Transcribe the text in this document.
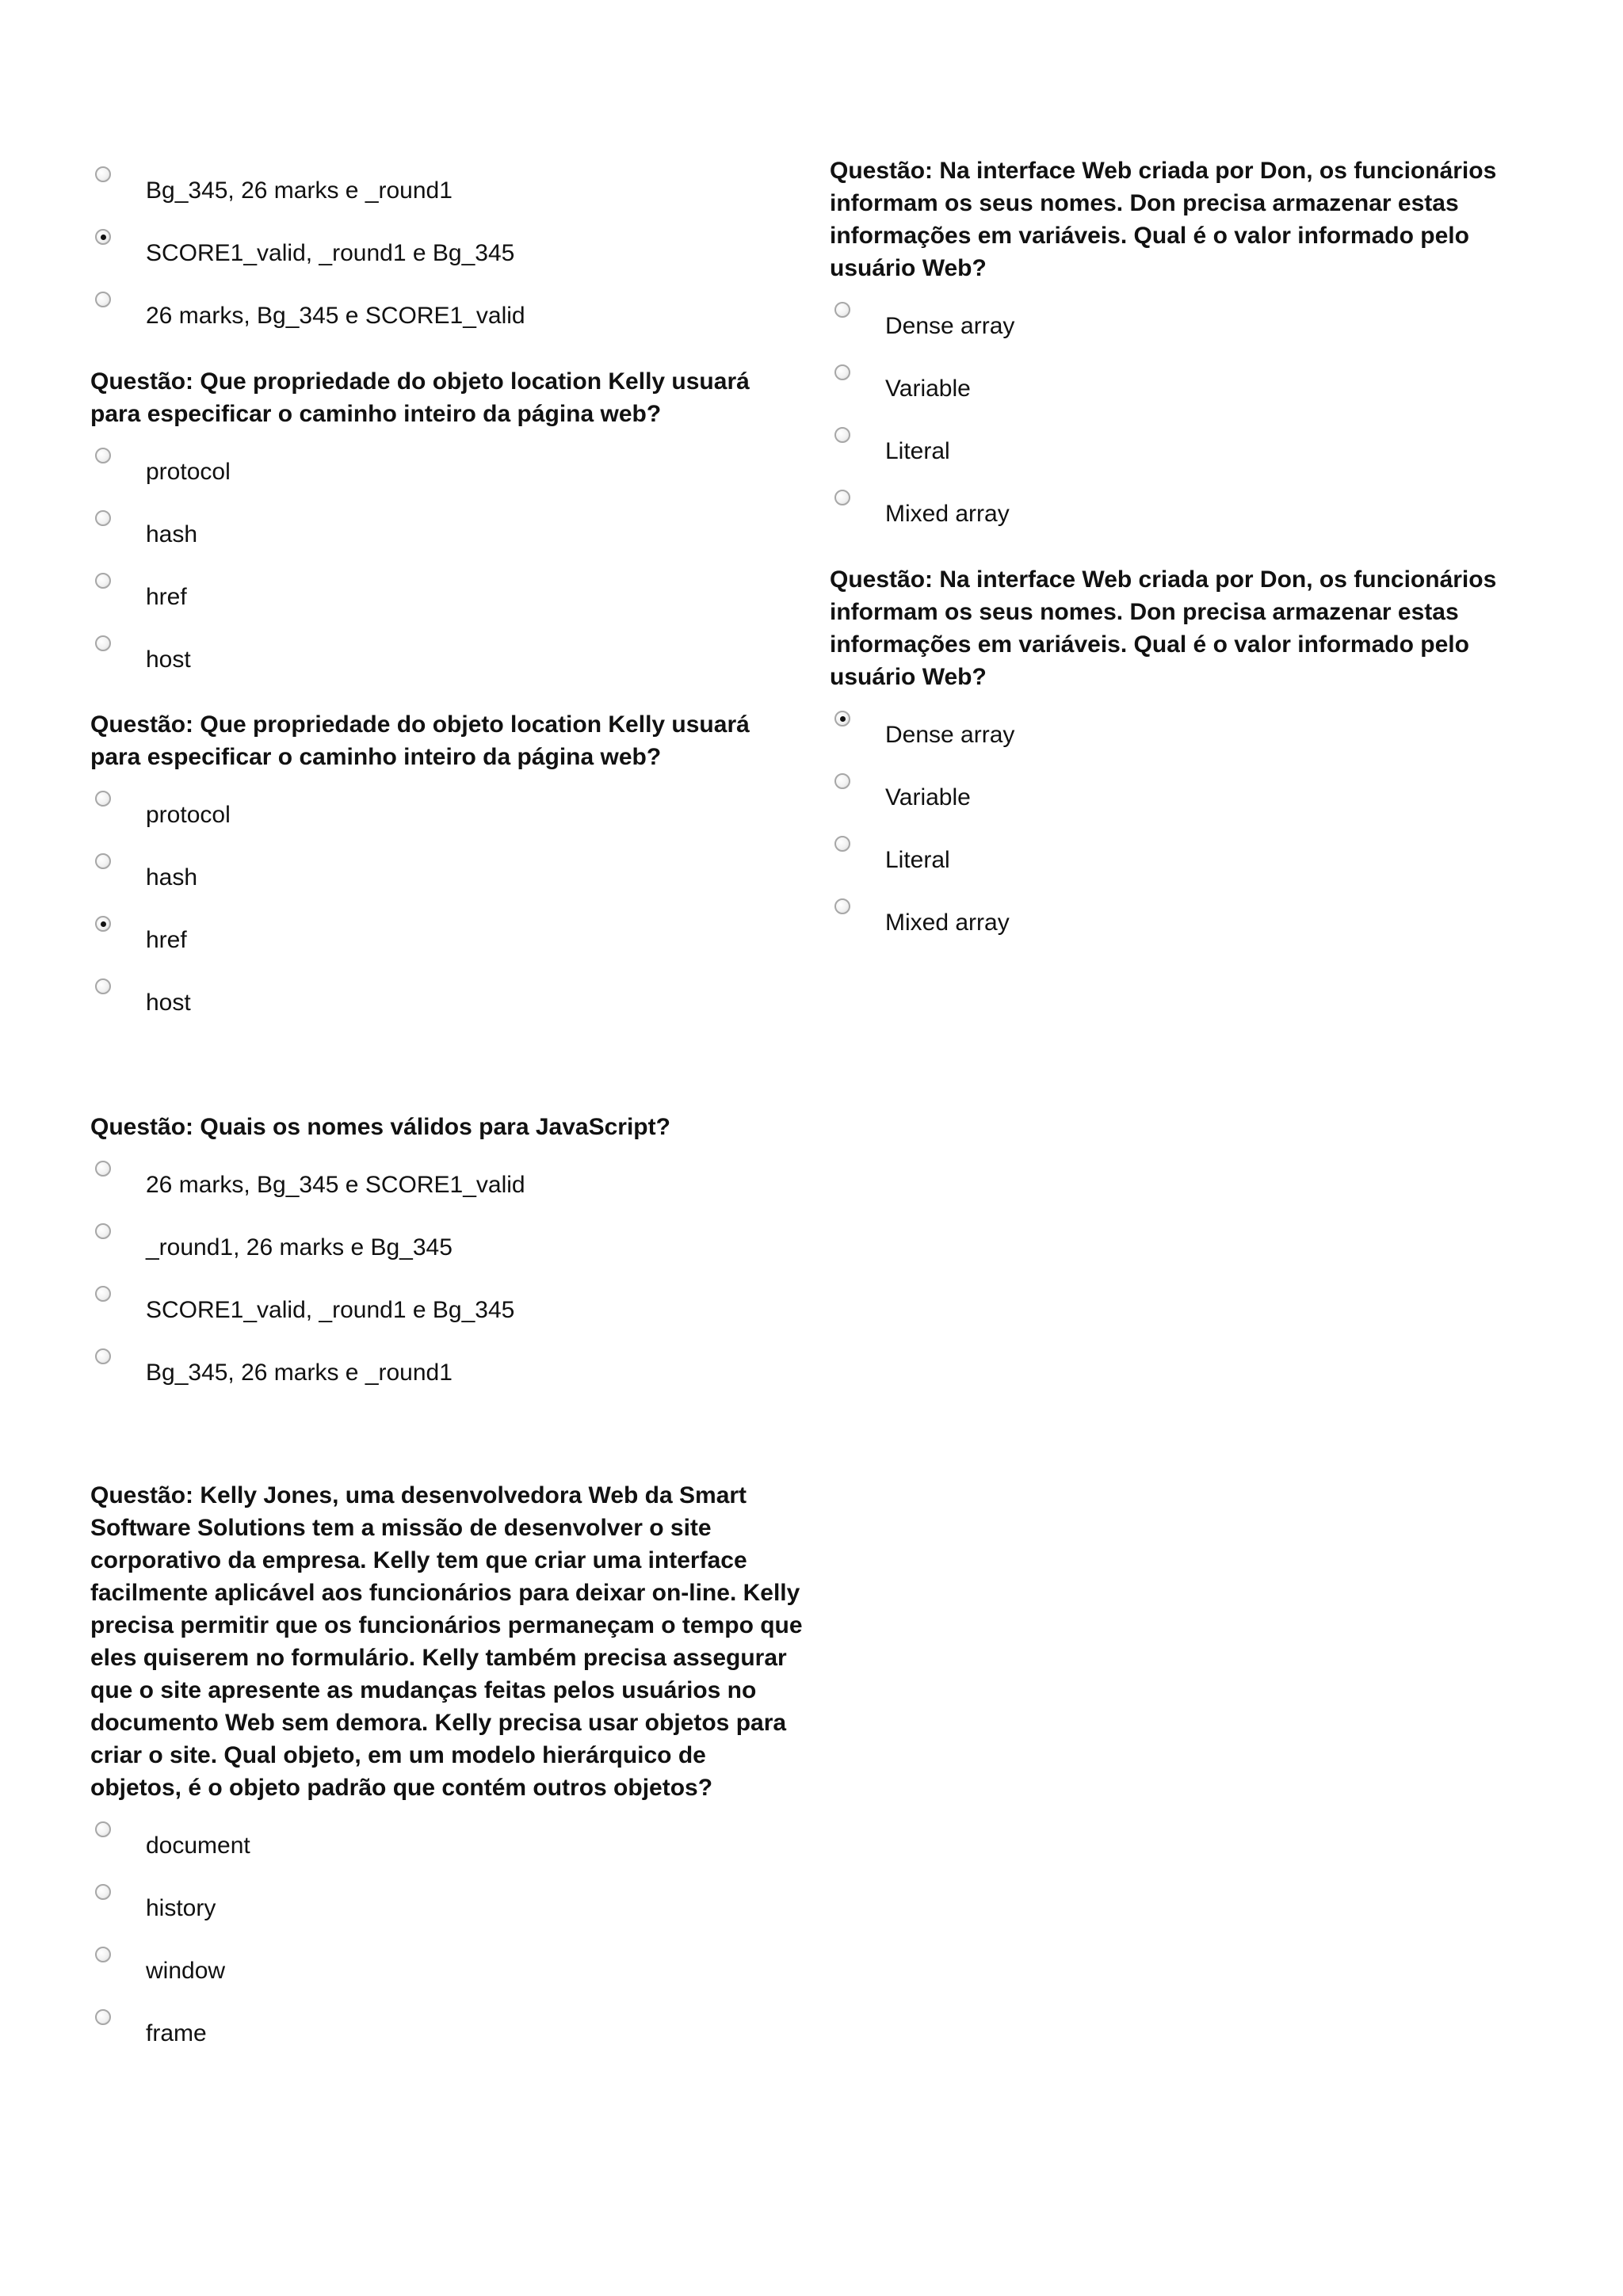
Bg_345, 26 marks e _round1
SCORE1_valid, _round1 e Bg_345
26 marks, Bg_345 e SCORE1_valid

Questão: Que propriedade do objeto location Kelly usuará para especificar o caminho inteiro da página web?

protocol
hash
href
host

Questão: Que propriedade do objeto location Kelly usuará para especificar o caminho inteiro da página web?

protocol
hash
href
host

Questão: Quais os nomes válidos para JavaScript?

26 marks, Bg_345 e SCORE1_valid
_round1, 26 marks e Bg_345
SCORE1_valid, _round1 e Bg_345
Bg_345, 26 marks e _round1

Questão: Kelly Jones, uma desenvolvedora Web da Smart Software Solutions tem a missão de desenvolver o site corporativo da empresa. Kelly tem que criar uma interface facilmente aplicável aos funcionários para deixar on-line. Kelly precisa permitir que os funcionários permaneçam o tempo que eles quiserem no formulário. Kelly também precisa assegurar que o site apresente as mudanças feitas pelos usuários no documento Web sem demora. Kelly precisa usar objetos para criar o site. Qual objeto, em um modelo hierárquico de objetos, é o objeto padrão que contém outros objetos?

document
history
window
frame

Questão: Na interface Web criada por Don, os funcionários informam os seus nomes. Don precisa armazenar estas informações em variáveis. Qual é o valor informado pelo usuário Web?

Dense array
Variable
Literal
Mixed array

Questão: Na interface Web criada por Don, os funcionários informam os seus nomes. Don precisa armazenar estas informações em variáveis. Qual é o valor informado pelo usuário Web?

Dense array
Variable
Literal
Mixed array
